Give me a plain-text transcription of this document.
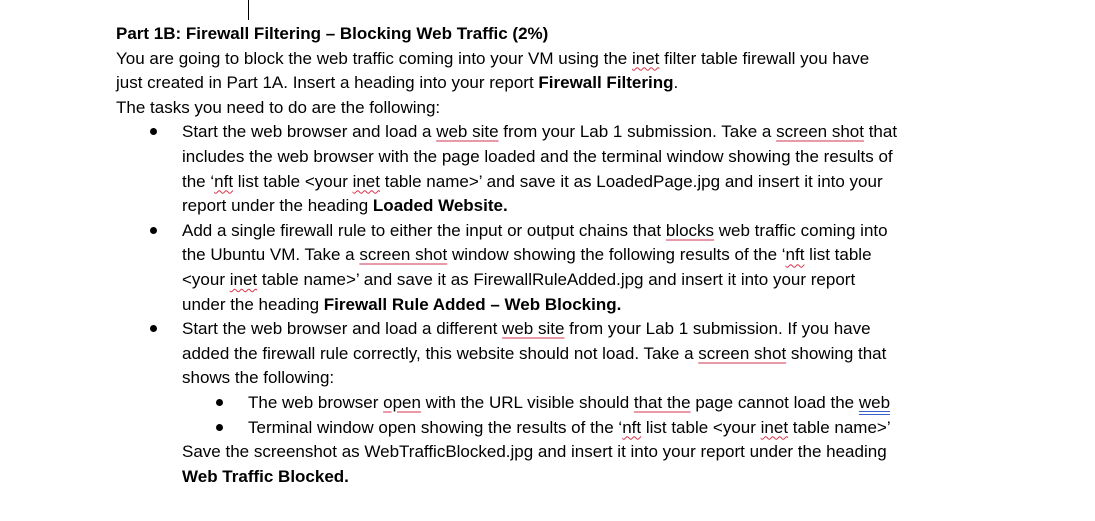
Part 1B: Firewall Filtering – Blocking Web Traffic (2%)
You are going to block the web traffic coming into your VM using the inet filter table firewall you have
just created in Part 1A. Insert a heading into your report Firewall Filtering.
The tasks you need to do are the following:
Start the web browser and load a web site from your Lab 1 submission. Take a screen shot that
includes the web browser with the page loaded and the terminal window showing the results of
the ‘nft list table <your inet table name>’ and save it as LoadedPage.jpg and insert it into your
report under the heading Loaded Website.
Add a single firewall rule to either the input or output chains that blocks web traffic coming into
the Ubuntu VM. Take a screen shot window showing the following results of the ‘nft list table
<your inet table name>’ and save it as FirewallRuleAdded.jpg and insert it into your report
under the heading Firewall Rule Added – Web Blocking.
Start the web browser and load a different web site from your Lab 1 submission. If you have
added the firewall rule correctly, this website should not load. Take a screen shot showing that
shows the following:
The web browser open with the URL visible should that the page cannot load the web
Terminal window open showing the results of the ‘nft list table <your inet table name>’
Save the screenshot as WebTrafficBlocked.jpg and insert it into your report under the heading
Web Traffic Blocked.
